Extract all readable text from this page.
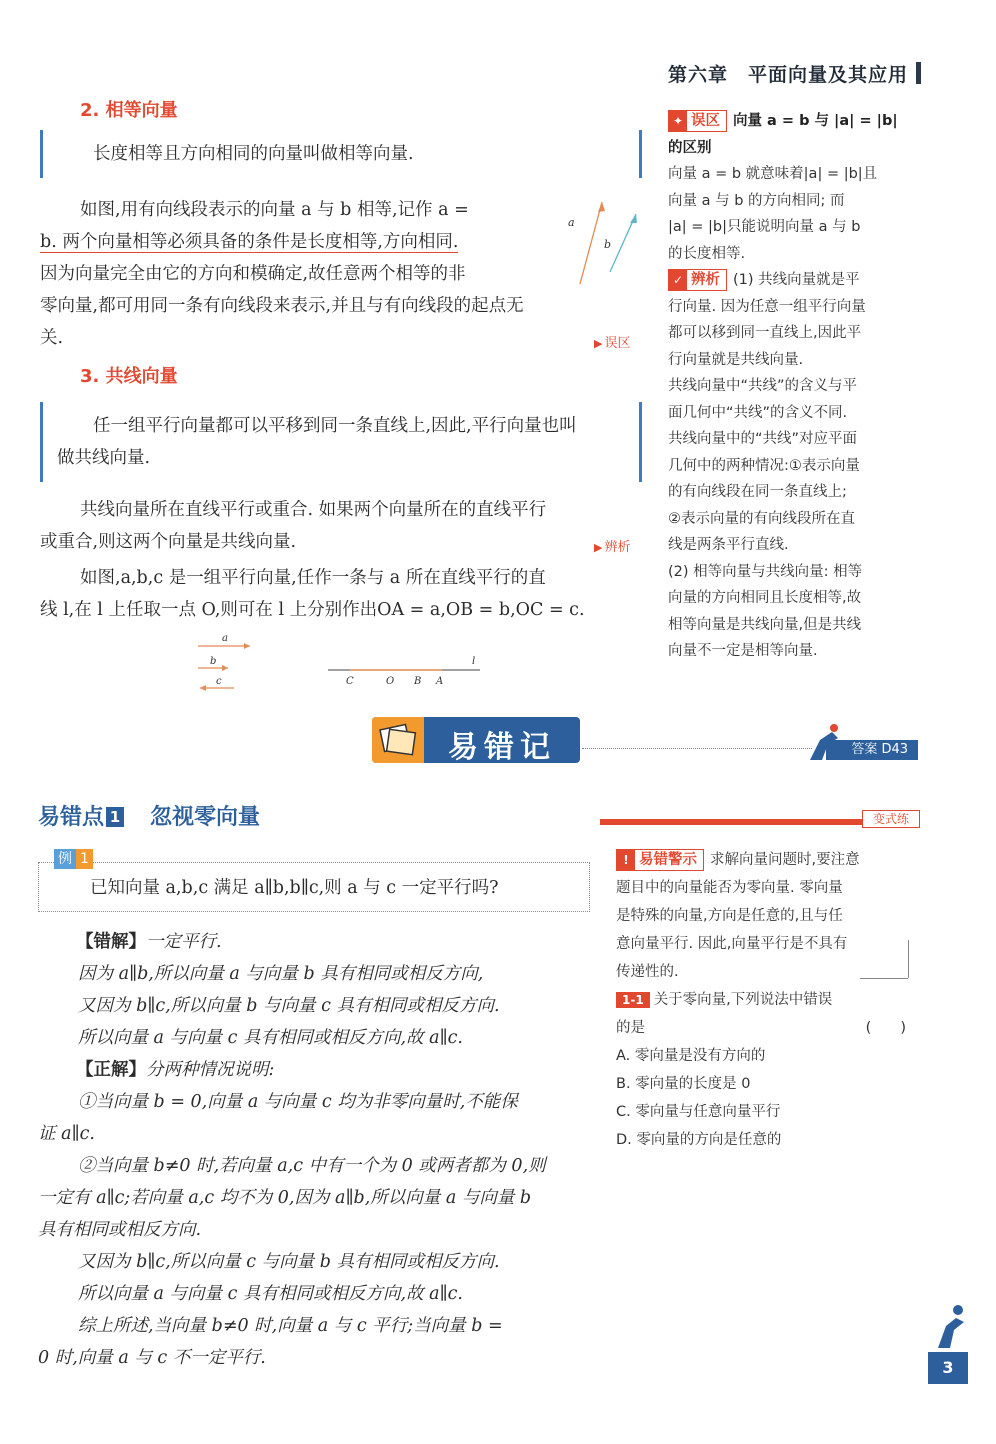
第六章　平面向量及其应用
2. 相等向量
长度相等且方向相同的向量叫做相等向量.
如图,用有向线段表示的向量 a 与 b 相等,记作 a =
b. 两个向量相等必须具备的条件是长度相等,方向相同.
因为向量完全由它的方向和模确定,故任意两个相等的非
零向量,都可用同一条有向线段来表示,并且与有向线段的起点无
关.	▶ 误区
a
b
3. 共线向量
任一组平行向量都可以平移到同一条直线上,因此,平行向量也叫
做共线向量.
共线向量所在直线平行或重合. 如果两个向量所在的直线平行
或重合,则这两个向量是共线向量.	▶ 辨析
如图,a,b,c 是一组平行向量,任作一条与 a 所在直线平行的直
线 l,在 l 上任取一点 O,则可在 l 上分别作出OA = a,OB = b,OC = c.
a
b
c	C	O B A
l
✦ 误区 向量 a = b 与 |a| = |b|
的区别
向量 a = b 就意味着|a| = |b|且
向量 a 与 b 的方向相同; 而
|a| = |b|只能说明向量 a 与 b
的长度相等.
✓ 辨析 (1) 共线向量就是平
行向量. 因为任意一组平行向量
都可以移到同一直线上,因此平
行向量就是共线向量.
共线向量中“共线”的含义与平
面几何中“共线”的含义不同.
共线向量中的“共线”对应平面
几何中的两种情况:①表示向量
的有向线段在同一条直线上;
②表示向量的有向线段所在直
线是两条平行直线.
(2) 相等向量与共线向量: 相等
向量的方向相同且长度相等,故
相等向量是共线向量,但是共线
向量不一定是相等向量.
易错记	答案 D43
易错点 1 忽视零向量	变式练
例 1
已知向量 a,b,c 满足 a∥b,b∥c,则 a 与 c 一定平行吗?
【错解】一定平行.
因为 a∥b,所以向量 a 与向量 b 具有相同或相反方向,
又因为 b∥c,所以向量 b 与向量 c 具有相同或相反方向.
所以向量 a 与向量 c 具有相同或相反方向,故 a∥c.
【正解】分两种情况说明:
①当向量 b = 0,向量 a 与向量 c 均为非零向量时,不能保
证 a∥c.
②当向量 b≠0 时,若向量 a,c 中有一个为 0 或两者都为 0,则
一定有 a∥c;若向量 a,c 均不为 0,因为 a∥b,所以向量 a 与向量 b
具有相同或相反方向.
又因为 b∥c,所以向量 c 与向量 b 具有相同或相反方向.
所以向量 a 与向量 c 具有相同或相反方向,故 a∥c.
综上所述,当向量 b≠0 时,向量 a 与 c 平行;当向量 b =
0 时,向量 a 与 c 不一定平行.
! 易错警示 求解向量问题时,要注意
题目中的向量能否为零向量. 零向量
是特殊的向量,方向是任意的,且与任
意向量平行. 因此,向量平行是不具有
传递性的.
1-1 关于零向量,下列说法中错误
的是	(　　)
A. 零向量是没有方向的
B. 零向量的长度是 0
C. 零向量与任意向量平行
D. 零向量的方向是任意的
3
